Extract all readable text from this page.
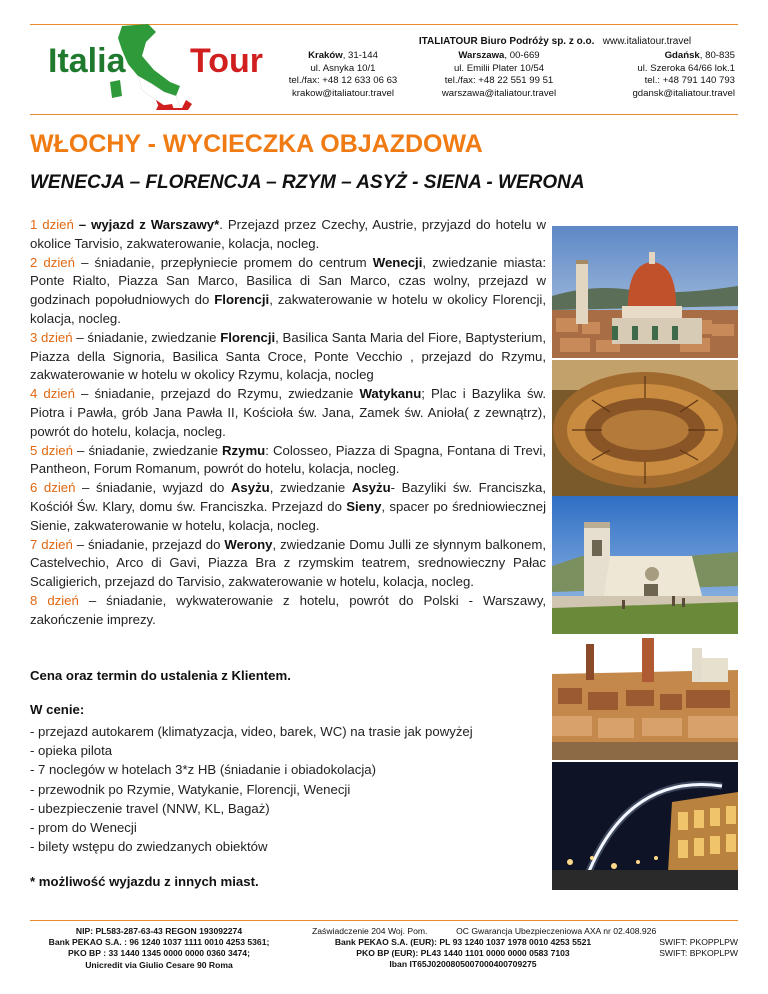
Italia Tour
ITALIATOUR Biuro Podróży sp. z o.o. www.italiatour.travel
Kraków, 31-144
ul. Asnyka 10/1
tel./fax: +48 12 633 06 63
krakow@italiatour.travel
Warszawa, 00-669
ul. Emilii Plater 10/54
tel./fax: +48 22 551 99 51
warszawa@italiatour.travel
Gdańsk, 80-835
ul. Szeroka 64/66 lok.1
tel.: +48 791 140 793
gdansk@italiatour.travel
WŁOCHY - WYCIECZKA OBJAZDOWA
WENECJA – FLORENCJA – RZYM – ASYŻ - SIENA - WERONA
1 dzień – wyjazd z Warszawy*. Przejazd przez Czechy, Austrie, przyjazd do hotelu w okolice Tarvisio, zakwaterowanie, kolacja, nocleg.
2 dzień – śniadanie, przepłyniecie promem do centrum Wenecji, zwiedzanie miasta: Ponte Rialto, Piazza San Marco, Basilica di San Marco, czas wolny, przejazd w godzinach popołudniowych do Florencji, zakwaterowanie w hotelu w okolicy Florencji, kolacja, nocleg.
3 dzień – śniadanie, zwiedzanie Florencji, Basilica Santa Maria del Fiore, Baptysterium, Piazza della Signoria, Basilica Santa Croce, Ponte Vecchio , przejazd do Rzymu, zakwaterowanie w hotelu w okolicy Rzymu, kolacja, nocleg
4 dzień – śniadanie, przejazd do Rzymu, zwiedzanie Watykanu; Plac i Bazylika św. Piotra i Pawła, grób Jana Pawła II, Kościoła św. Jana, Zamek św. Anioła( z zewnątrz), powrót do hotelu, kolacja, nocleg.
5 dzień – śniadanie, zwiedzanie Rzymu: Colosseo, Piazza di Spagna, Fontana di Trevi, Pantheon, Forum Romanum, powrót do hotelu, kolacja, nocleg.
6 dzień – śniadanie, wyjazd do Asyżu, zwiedzanie Asyżu- Bazyliki św. Franciszka, Kościół Św. Klary, domu św. Franciszka. Przejazd do Sieny, spacer po średniowiecznej Sienie, zakwaterowanie w hotelu, kolacja, nocleg.
7 dzień – śniadanie, przejazd do Werony, zwiedzanie Domu Julli ze słynnym balkonem, Castelvechio, Arco di Gavi, Piazza Bra z rzymskim teatrem, srednowieczny Pałac Scaligierich, przejazd do Tarvisio, zakwaterowanie w hotelu, kolacja, nocleg.
8 dzień – śniadanie, wykwaterowanie z hotelu, powrót do Polski - Warszawy, zakończenie imprezy.
Cena oraz termin do ustalenia z Klientem.
W cenie:
- przejazd autokarem (klimatyzacja, video, barek, WC) na trasie jak powyżej
- opieka pilota
- 7 noclegów w hotelach 3*z HB (śniadanie i obiadokolacja)
- przewodnik po Rzymie, Watykanie, Florencji, Wenecji
- ubezpieczenie travel (NNW, KL, Bagaż)
- prom do Wenecji
- bilety wstępu do zwiedzanych obiektów
* możliwość wyjazdu z innych miast.
NIP: PL583-287-63-43 REGON 193092274
Bank PEKAO S.A. : 96 1240 1037 1111 0010 4253 5361;
PKO BP : 33 1440 1345 0000 0000 0360 3474;
Unicredit via Giulio Cesare 90 Roma
Zaświadczenie 204 Woj. Pom.            OC Gwarancja Ubezpieczeniowa AXA nr 02.408.926
Bank PEKAO S.A. (EUR): PL 93 1240 1037 1978 0010 4253 5521
PKO BP (EUR): PL43 1440 1101 0000 0000 0583 7103
Iban IT65J0200805007000400709275
SWIFT: PKOPPLPW
SWIFT: BPKOPLPW
